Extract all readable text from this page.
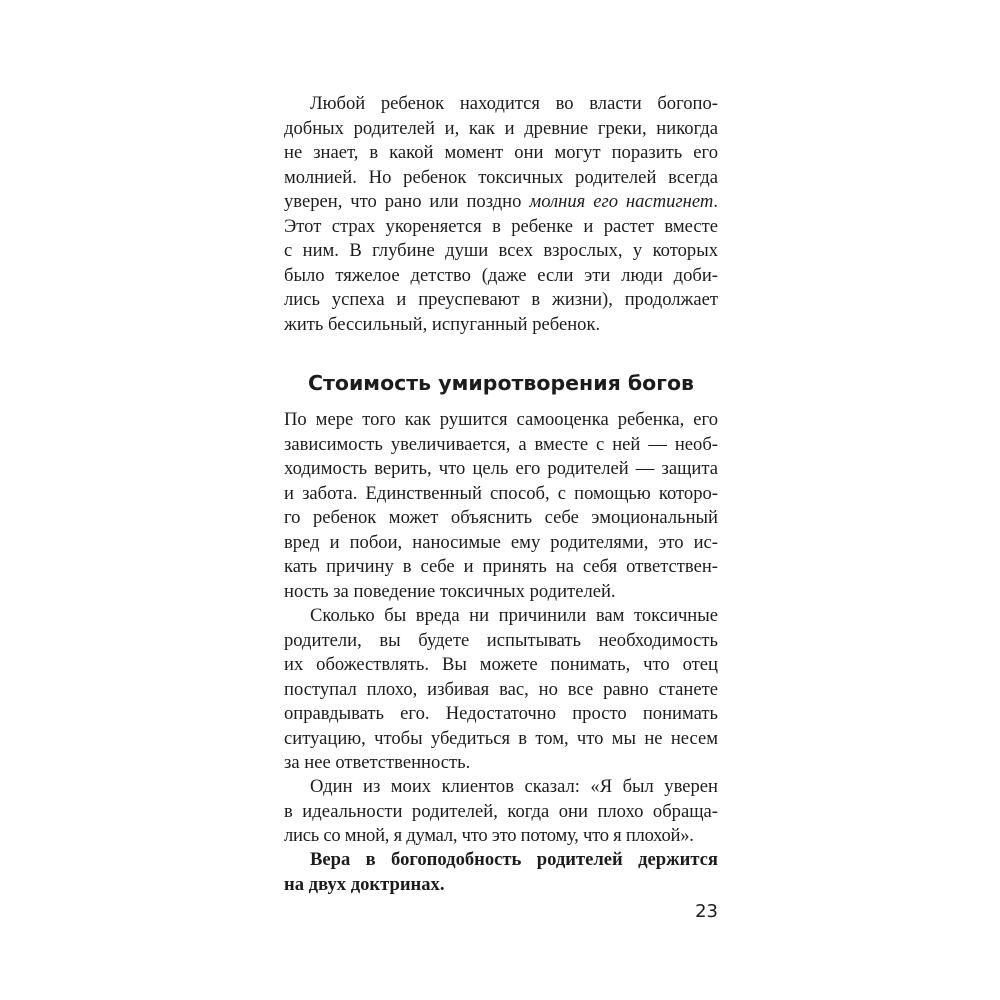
Любой ребенок находится во власти богопо-
добных родителей и, как и древние греки, никогда
не знает, в какой момент они могут поразить его
молнией. Но ребенок токсичных родителей всегда
уверен, что рано или поздно молния его настигнет.
Этот страх укореняется в ребенке и растет вместе
с ним. В глубине души всех взрослых, у которых
было тяжелое детство (даже если эти люди доби-
лись успеха и преуспевают в жизни), продолжает
жить бессильный, испуганный ребенок.
Стоимость умиротворения богов
По мере того как рушится самооценка ребенка, его
зависимость увеличивается, а вместе с ней — необ-
ходимость верить, что цель его родителей — защита
и забота. Единственный способ, с помощью которо-
го ребенок может объяснить себе эмоциональный
вред и побои, наносимые ему родителями, это ис-
кать причину в себе и принять на себя ответствен-
ность за поведение токсичных родителей.
Сколько бы вреда ни причинили вам токсичные
родители, вы будете испытывать необходимость
их обожествлять. Вы можете понимать, что отец
поступал плохо, избивая вас, но все равно станете
оправдывать его. Недостаточно просто понимать
ситуацию, чтобы убедиться в том, что мы не несем
за нее ответственность.
Один из моих клиентов сказал: «Я был уверен
в идеальности родителей, когда они плохо обраща-
лись со мной, я думал, что это потому, что я плохой».
Вера в богоподобность родителей держится
на двух доктринах.
23
